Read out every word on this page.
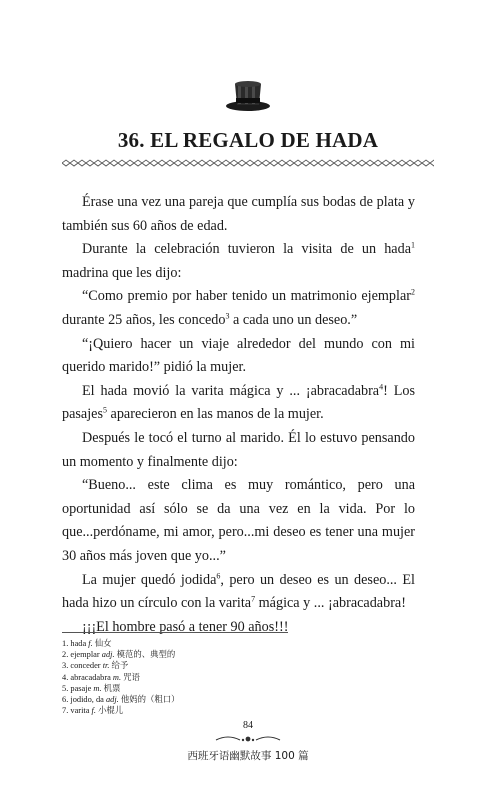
36. EL REGALO DE HADA

Érase una vez una pareja que cumplía sus bodas de plata y también sus 60 años de edad.

Durante la celebración tuvieron la visita de un hada$^1$ madrina que les dijo:

“Como premio por haber tenido un matrimonio ejemplar$^2$ durante 25 años, les concedo$^3$ a cada uno un deseo.”

“¡Quiero hacer un viaje alrededor del mundo con mi querido marido!” pidió la mujer.

El hada movió la varita mágica y ... ¡abracadabra$^4$! Los pasajes$^5$ aparecieron en las manos de la mujer.

Después le tocó el turno al marido. Él lo estuvo pensando un momento y finalmente dijo:

“Bueno... este clima es muy romántico, pero una oportunidad así sólo se da una vez en la vida. Por lo que...perdóname, mi amor, pero...mi deseo es tener una mujer 30 años más joven que yo...”

La mujer quedó jodida$^6$, pero un deseo es un deseo... El hada hizo un círculo con la varita$^7$ mágica y ... ¡abracadabra!

¡¡¡El hombre pasó a tener 90 años!!!

1. hada f. 仙女
2. ejemplar adj. 模范的、典型的
3. conceder tr. 给予
4. abracadabra m. 咒语
5. pasaje m. 机票
6. jodido, da adj. 他妈的（粗口）
7. varita f. 小棍儿
84
西班牙语幽默故事 100 篇
